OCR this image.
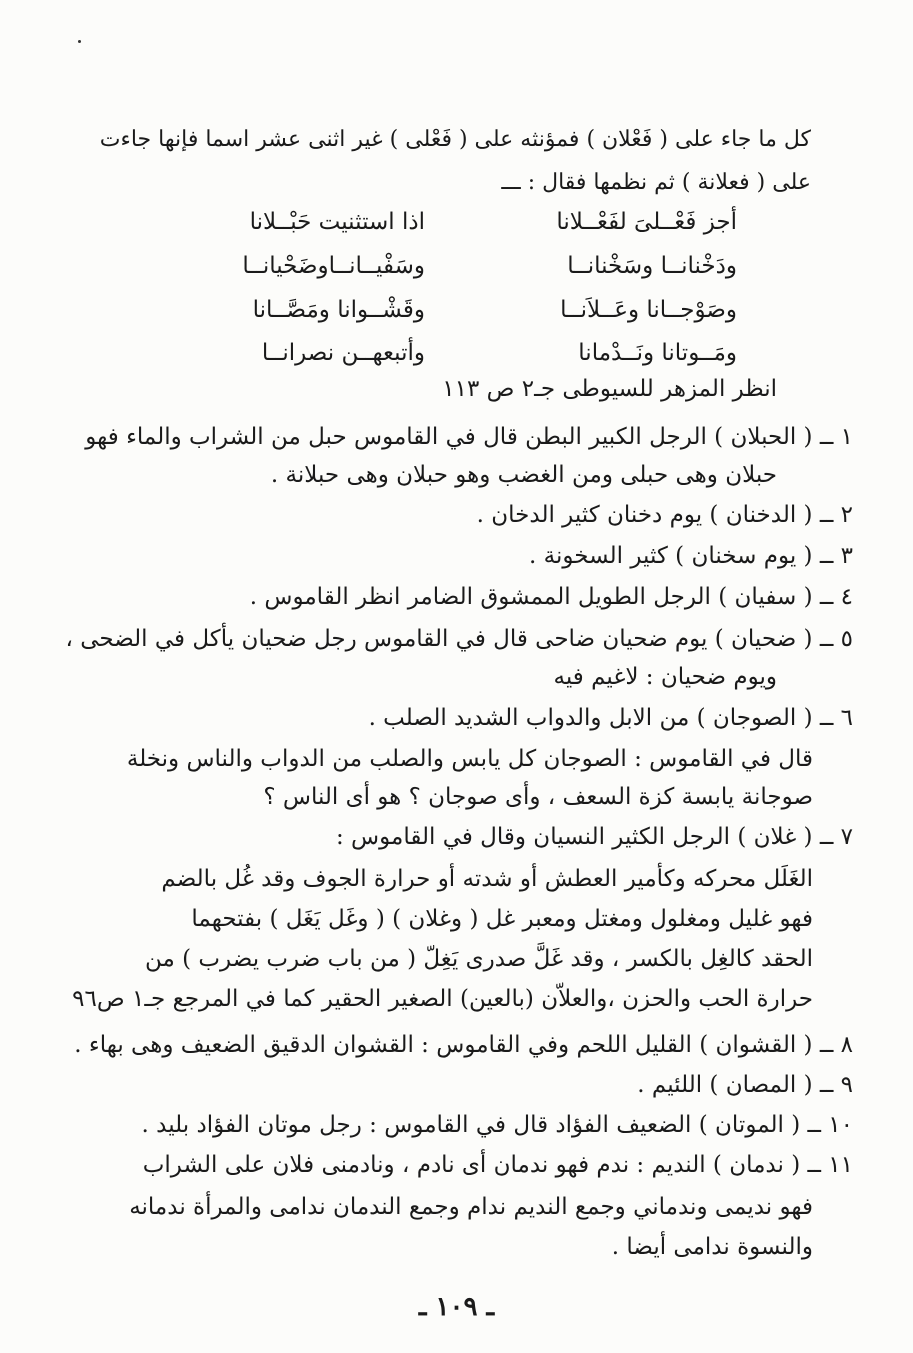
كل ما جاء على ( فَعْلان ) فمؤنثه على ( فَعْلى ) غير اثنى عشر اسما فإنها جاءت
على ( فعلانة ) ثم نظمها فقال : ـــ
أجز فَعْــلىَ لفَعْــلانا
ودَخْنانــا وسَخْنانــا
وصَوْجــانا وعَــلاَنــا
ومَــوتانا ونَــدْمانا
اذا استثنيت حَبْــلانا
وسَفْيــانــاوضَحْيانــا
وقَشْــوانا ومَصَّــانا
وأتبعهــن نصرانــا
انظر المزهر للسيوطى جـ٢ ص ١١٣
١ ــ ( الحبلان ) الرجل الكبير البطن قال في القاموس حبل من الشراب والماء فهو
حبلان وهى حبلى ومن الغضب وهو حبلان وهى حبلانة .
٢ ــ ( الدخنان ) يوم دخنان كثير الدخان .
٣ ــ ( يوم سخنان ) كثير السخونة .
٤ ــ ( سفيان ) الرجل الطويل الممشوق الضامر انظر القاموس .
٥ ــ ( ضحيان ) يوم ضحيان ضاحى قال في القاموس رجل ضحيان يأكل في الضحى ،
ويوم ضحيان : لاغيم فيه
٦ ــ ( الصوجان ) من الابل والدواب الشديد الصلب .
قال في القاموس : الصوجان كل يابس والصلب من الدواب والناس ونخلة
صوجانة يابسة كزة السعف ، وأى صوجان ؟ هو أى الناس ؟
٧ ــ ( غلان ) الرجل الكثير النسيان وقال في القاموس :
الغَلَل محركه وكأمير العطش أو شدته أو حرارة الجوف وقد غُل بالضم
فهو غليل ومغلول ومغتل ومعبر غل ( وغلان ) ( وغَل يَغَل ) بفتحهما
الحقد كالغِل بالكسر ، وقد غَلَّ صدرى يَغِلّ ( من باب ضرب يضرب ) من
حرارة الحب والحزن ،والعلاّن (بالعين) الصغير الحقير كما في المرجع جـ١ ص٩٦
٨ ــ ( القشوان ) القليل اللحم وفي القاموس : القشوان الدقيق الضعيف وهى بهاء .
٩ ــ ( المصان ) اللئيم .
١٠ ــ ( الموتان ) الضعيف الفؤاد قال في القاموس : رجل موتان الفؤاد بليد .
١١ ــ ( ندمان ) النديم : ندم فهو ندمان أى نادم ، ونادمنى فلان على الشراب
فهو نديمى وندماني وجمع النديم ندام وجمع الندمان ندامى والمرأة ندمانه
والنسوة ندامى أيضا .
ـ ١٠٩ ـ
